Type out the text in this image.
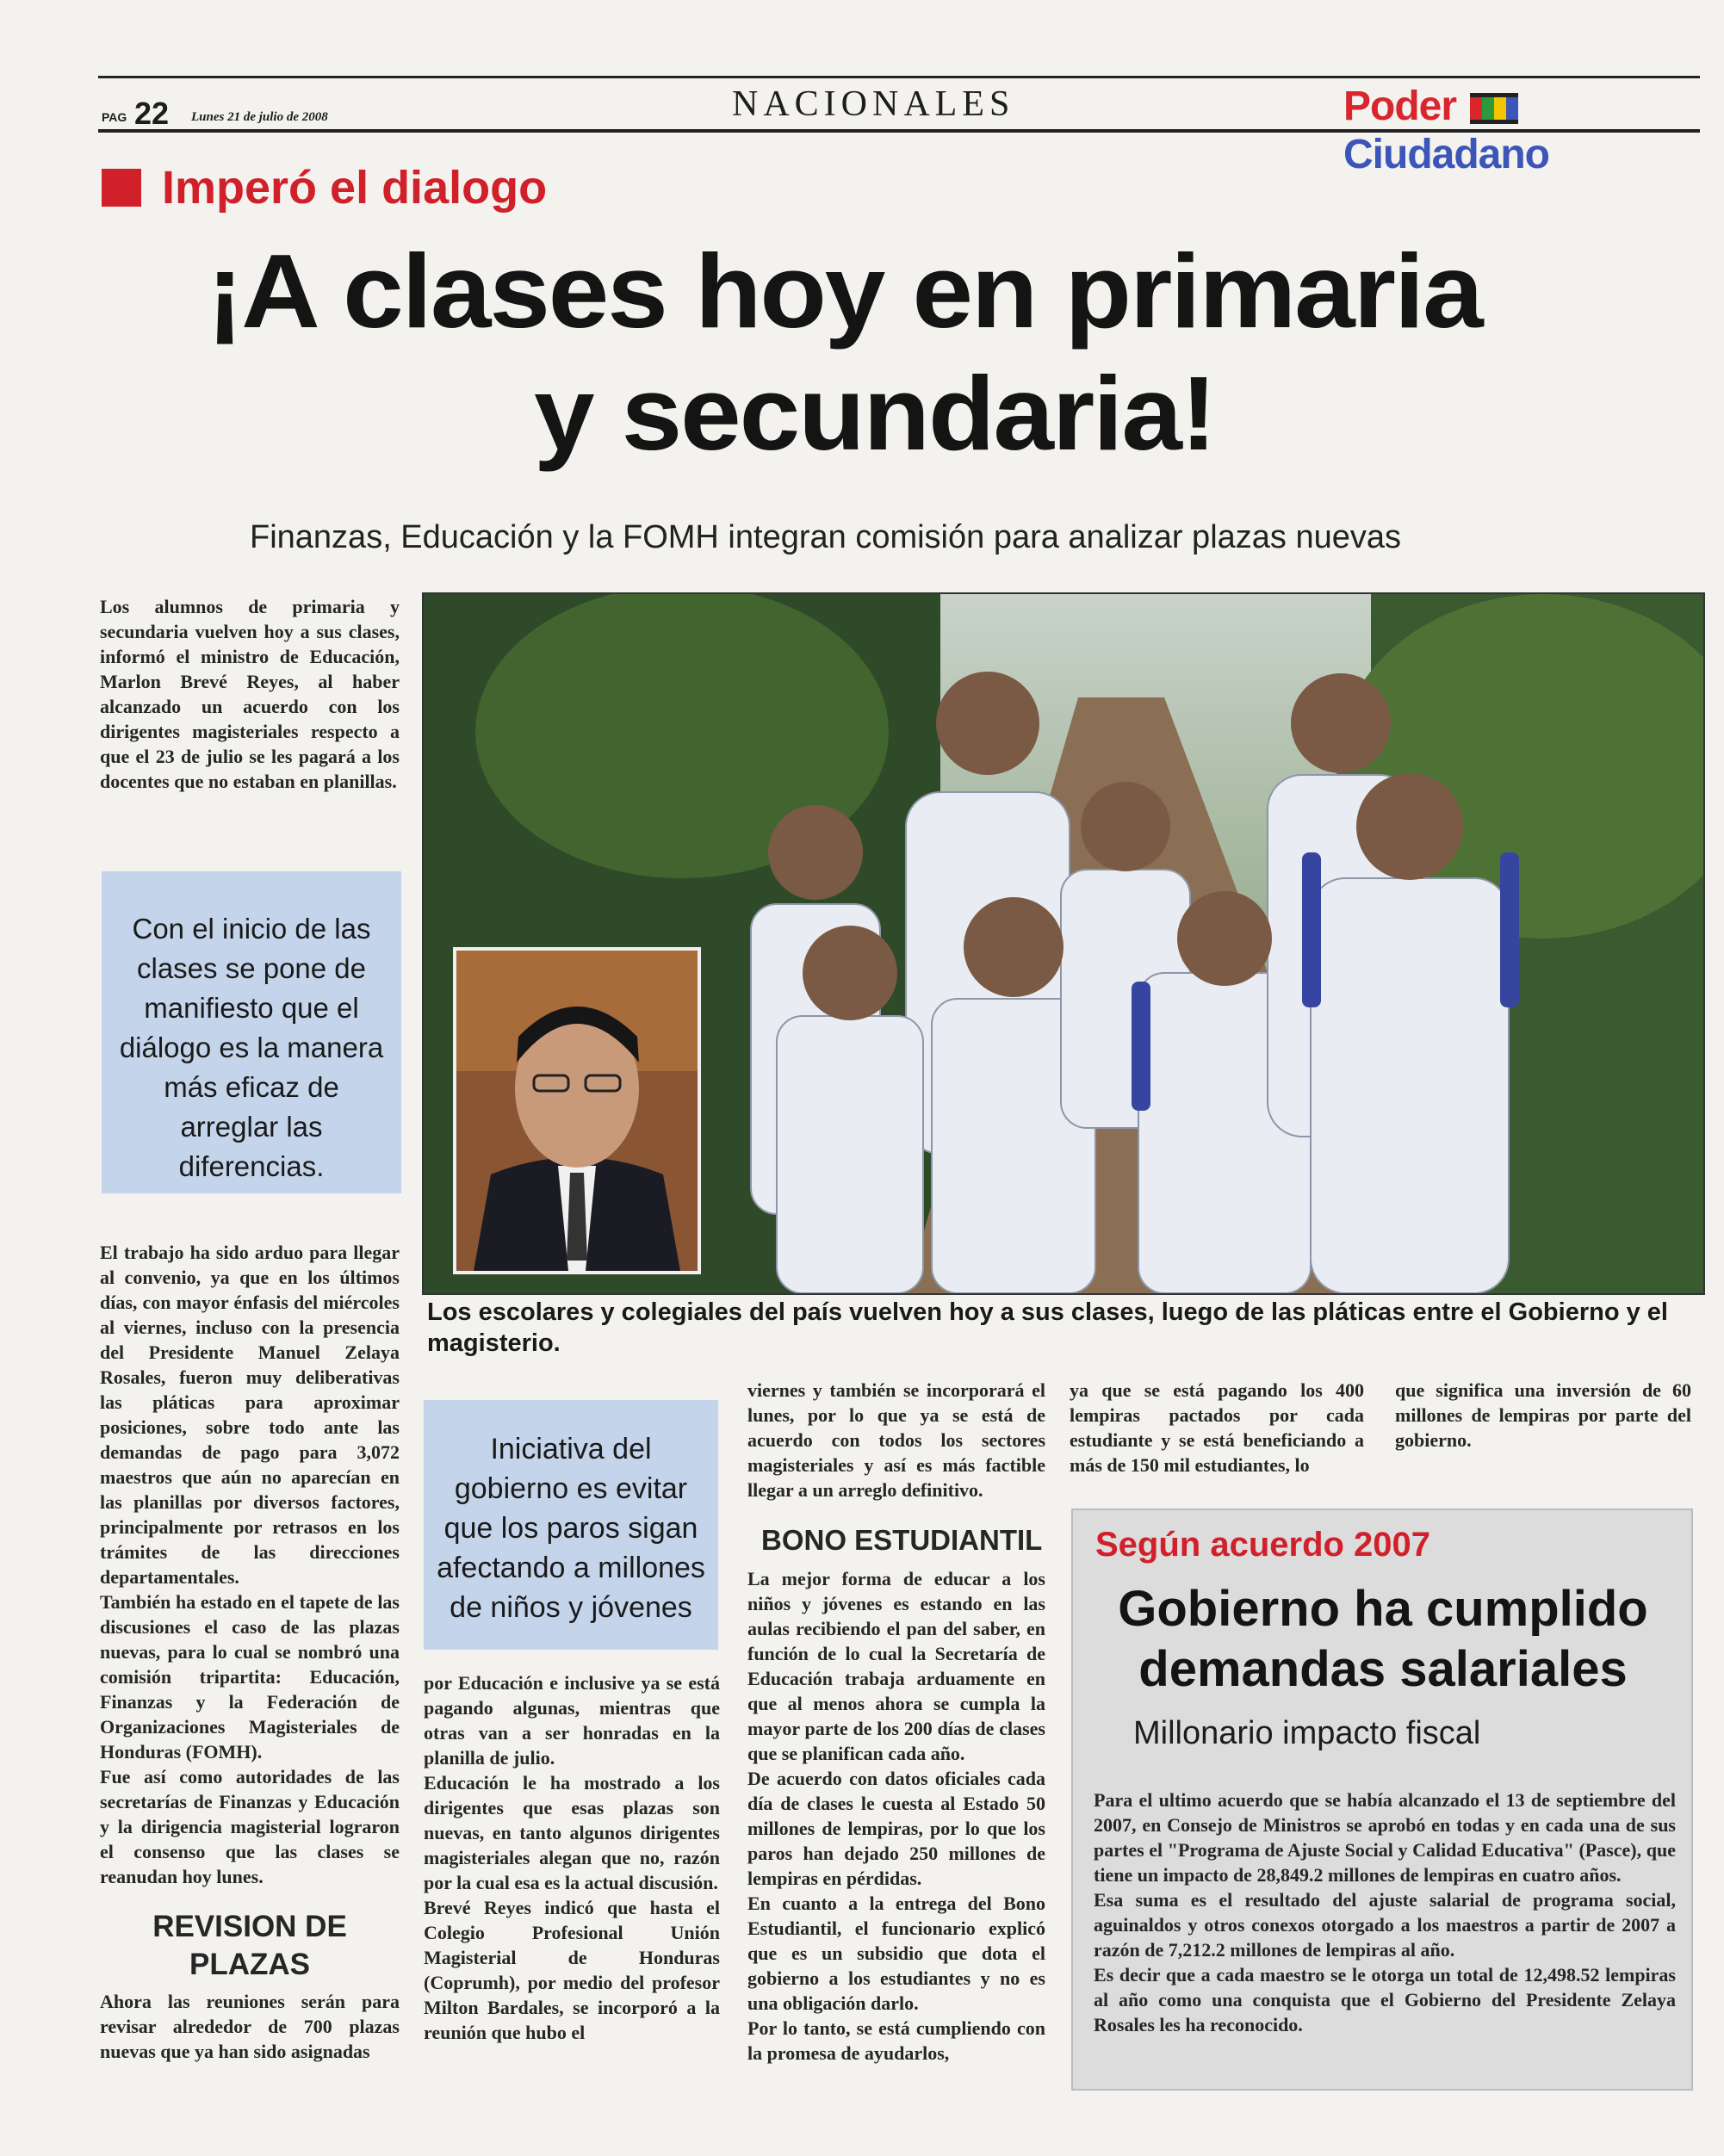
PAG 22 Lunes 21 de julio de 2008	NACIONALES	Poder  Ciudadano
Imperó el dialogo
¡A clases hoy en primaria
y secundaria!
Finanzas, Educación y la FOMH integran comisión para analizar plazas nuevas
Los alumnos de primaria y secundaria vuelven hoy a sus clases, informó el ministro de Educación, Marlon Brevé Reyes, al haber alcanzado un acuerdo con los dirigentes magisteriales respecto a que el 23 de julio se les pagará a los docentes que no estaban en planillas.
Con el inicio de las clases se pone de manifiesto que el diálogo es la manera más eficaz de arreglar las diferencias.
Los escolares y colegiales del país vuelven hoy a sus clases, luego de las pláticas entre el Gobierno y el magisterio.

El trabajo ha sido arduo para llegar al convenio, ya que en los últimos días, con mayor énfasis del miércoles al viernes, incluso con la presencia del Presidente Manuel Zelaya Rosales, fueron muy deliberativas las pláticas para aproximar posiciones, sobre todo ante las demandas de pago para 3,072 maestros que aún no aparecían en las planillas por diversos factores, principalmente por retrasos en los trámites de las direcciones departamentales.

También ha estado en el tapete de las discusiones el caso de las plazas nuevas, para lo cual se nombró una comisión tripartita: Educación, Finanzas y la Federación de Organizaciones Magisteriales de Honduras (FOMH).

Fue así como autoridades de las secretarías de Finanzas y Educación y la dirigencia magisterial lograron el consenso que las clases se reanudan hoy lunes.

REVISION DE PLAZAS

Ahora las reuniones serán para revisar alrededor de 700 plazas nuevas que ya han sido asignadas

Iniciativa del gobierno es evitar que los paros sigan afectando a millones de niños y jóvenes

por Educación e inclusive ya se está pagando algunas, mientras que otras van a ser honradas en la planilla de julio.

Educación le ha mostrado a los dirigentes que esas plazas son nuevas, en tanto algunos dirigentes magisteriales alegan que no, razón por la cual esa es la actual discusión.

Brevé Reyes indicó que hasta el Colegio Profesional Unión Magisterial de Honduras (Coprumh), por medio del profesor Milton Bardales, se incorporó a la reunión que hubo el

viernes y también se incorporará el lunes, por lo que ya se está de acuerdo con todos los sectores magisteriales y así es más factible llegar a un arreglo definitivo.

BONO ESTUDIANTIL

La mejor forma de educar a los niños y jóvenes es estando en las aulas recibiendo el pan del saber, en función de lo cual la Secretaría de Educación trabaja arduamente en que al menos ahora se cumpla la mayor parte de los 200 días de clases que se planifican cada año.

De acuerdo con datos oficiales cada día de clases le cuesta al Estado 50 millones de lempiras, por lo que los paros han dejado 250 millones de lempiras en pérdidas.

En cuanto a la entrega del Bono Estudiantil, el funcionario explicó que es un subsidio que dota el gobierno a los estudiantes y no es una obligación darlo.

Por lo tanto, se está cumpliendo con la promesa de ayudarlos,

ya que se está pagando los 400 lempiras pactados por cada estudiante y se está beneficiando a más de 150 mil estudiantes, lo

que significa una inversión de 60 millones de lempiras por parte del gobierno.

Según acuerdo 2007
Gobierno ha cumplido demandas salariales
Millonario impacto fiscal

Para el ultimo acuerdo que se había alcanzado el 13 de septiembre del 2007, en Consejo de Ministros se aprobó en todas y en cada una de sus partes el "Programa de Ajuste Social y Calidad Educativa" (Pasce), que tiene un impacto de 28,849.2 millones de lempiras en cuatro años.

Esa suma es el resultado del ajuste salarial de programa social, aguinaldos y otros conexos otorgado a los maestros a partir de 2007 a razón de 7,212.2 millones de lempiras al año.

Es decir que a cada maestro se le otorga un total de 12,498.52 lempiras al año como una conquista que el Gobierno del Presidente Zelaya Rosales les ha reconocido.
